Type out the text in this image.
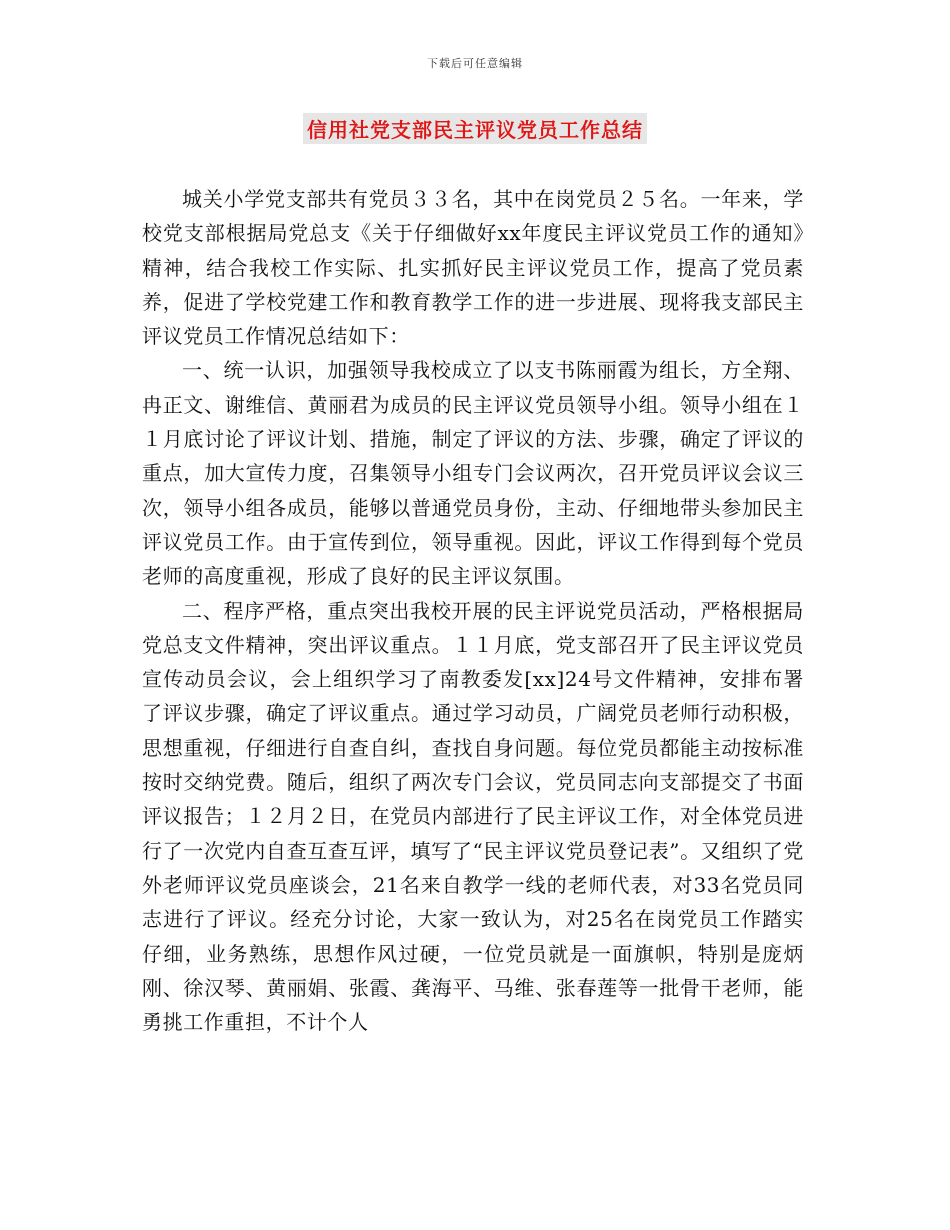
下载后可任意编辑
信用社党支部民主评议党员工作总结

城关小学党支部共有党员３３名，其中在岗党员２５名。一年来，学校党支部根据局党总支《关于仔细做好xx年度民主评议党员工作的通知》精神，结合我校工作实际、扎实抓好民主评议党员工作，提高了党员素养，促进了学校党建工作和教育教学工作的进一步进展、现将我支部民主评议党员工作情况总结如下：

一、统一认识，加强领导我校成立了以支书陈丽霞为组长，方全翔、冉正文、谢维信、黄丽君为成员的民主评议党员领导小组。领导小组在１１月底讨论了评议计划、措施，制定了评议的方法、步骤，确定了评议的重点，加大宣传力度，召集领导小组专门会议两次，召开党员评议会议三次，领导小组各成员，能够以普通党员身份，主动、仔细地带头参加民主评议党员工作。由于宣传到位，领导重视。因此，评议工作得到每个党员老师的高度重视，形成了良好的民主评议氛围。

二、程序严格，重点突出我校开展的民主评说党员活动，严格根据局党总支文件精神，突出评议重点。１１月底，党支部召开了民主评议党员宣传动员会议，会上组织学习了南教委发[xx]24号文件精神，安排布署了评议步骤，确定了评议重点。通过学习动员，广阔党员老师行动积极，思想重视，仔细进行自查自纠，查找自身问题。每位党员都能主动按标准按时交纳党费。随后，组织了两次专门会议，党员同志向支部提交了书面评议报告；１２月２日，在党员内部进行了民主评议工作，对全体党员进行了一次党内自查互查互评，填写了“民主评议党员登记表”。又组织了党外老师评议党员座谈会，21名来自教学一线的老师代表，对33名党员同志进行了评议。经充分讨论，大家一致认为，对25名在岗党员工作踏实仔细，业务熟练，思想作风过硬，一位党员就是一面旗帜，特别是庞炳刚、徐汉琴、黄丽娟、张霞、龚海平、马维、张春莲等一批骨干老师，能勇挑工作重担，不计个人
